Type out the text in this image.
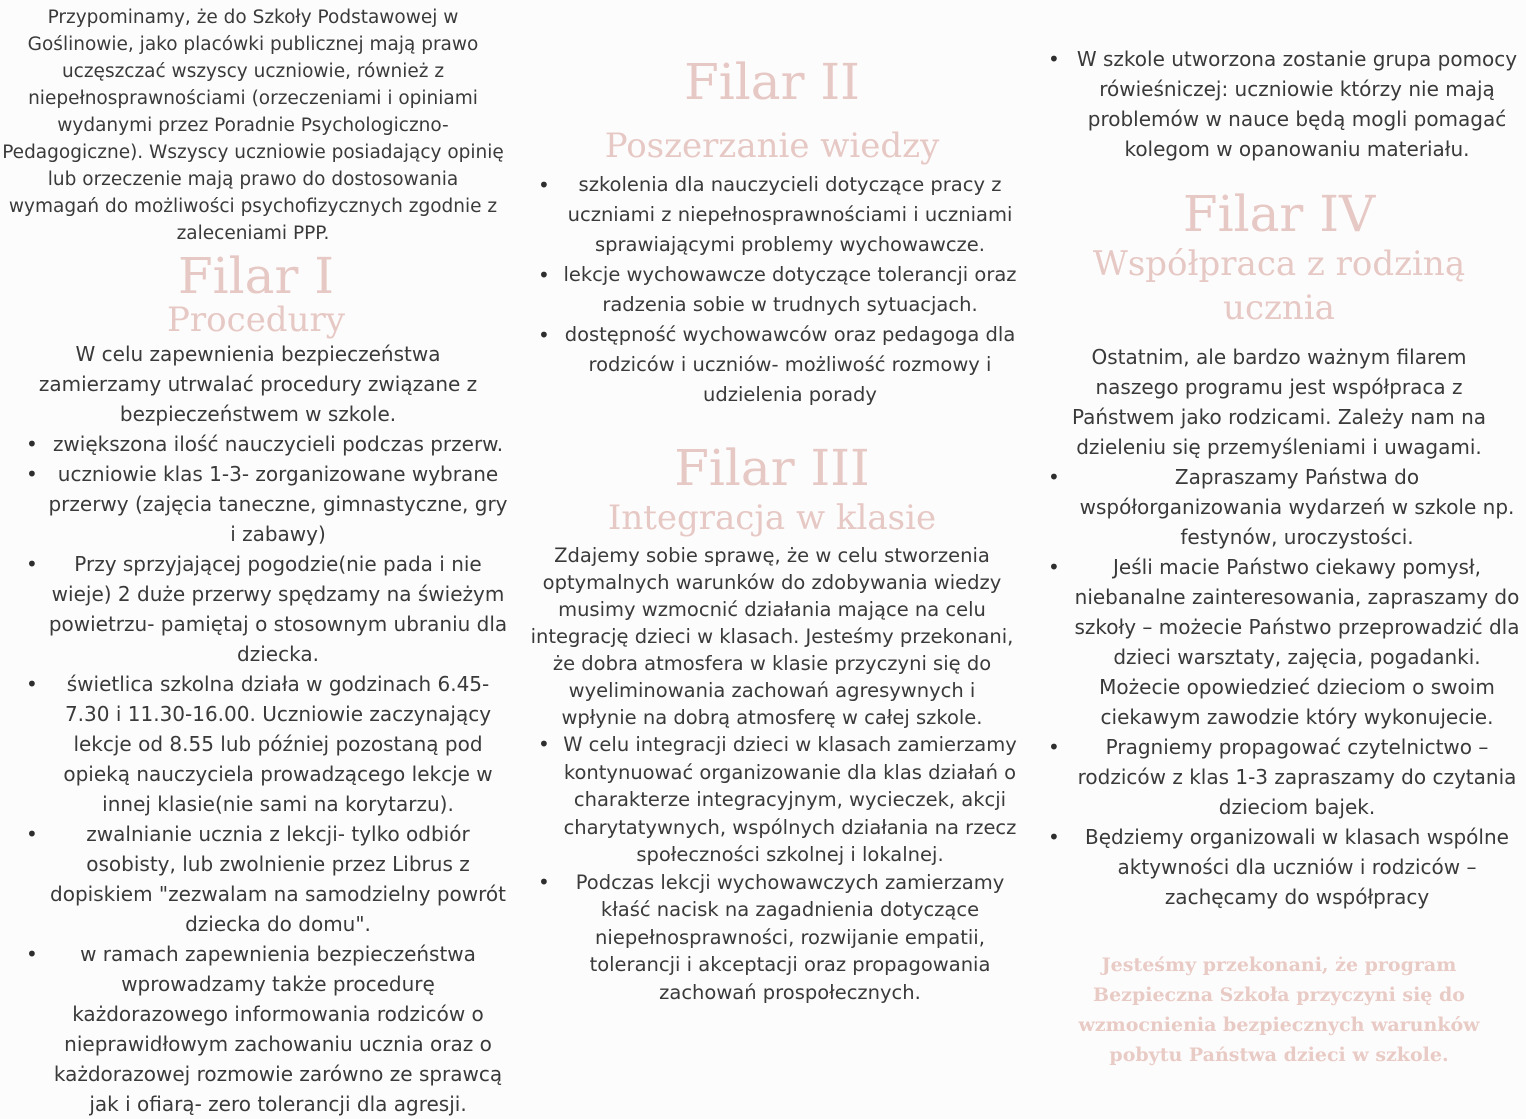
Przypominamy, że do Szkoły Podstawowej w Goślinowie, jako placówki publicznej mają prawo uczęszczać wszyscy uczniowie, również z niepełnosprawnościami (orzeczeniami i opiniami wydanymi przez Poradnie Psychologiczno-Pedagogiczne). Wszyscy uczniowie posiadający opinię lub orzeczenie mają prawo do dostosowania wymagań do możliwości psychofizycznych zgodnie z zaleceniami PPP.

Filar I
Procedury

W celu zapewnienia bezpieczeństwa zamierzamy utrwalać procedury związane z bezpieczeństwem w szkole.

• zwiększona ilość nauczycieli podczas przerw.
• uczniowie klas 1-3- zorganizowane wybrane przerwy (zajęcia taneczne, gimnastyczne, gry i zabawy)
• Przy sprzyjającej pogodzie(nie pada i nie wieje) 2 duże przerwy spędzamy na świeżym powietrzu- pamiętaj o stosownym ubraniu dla dziecka.
• świetlica szkolna działa w godzinach 6.45- 7.30 i 11.30-16.00. Uczniowie zaczynający lekcje od 8.55 lub później pozostaną pod opieką nauczyciela prowadzącego lekcje w innej klasie(nie sami na korytarzu).
• zwalnianie ucznia z lekcji- tylko odbiór osobisty, lub zwolnienie przez Librus z dopiskiem "zezwalam na samodzielny powrót dziecka do domu".
• w ramach zapewnienia bezpieczeństwa wprowadzamy także procedurę każdorazowego informowania rodziców o nieprawidłowym zachowaniu ucznia oraz o każdorazowej rozmowie zarówno ze sprawcą jak i ofiarą- zero tolerancji dla agresji.
Filar II
Poszerzanie wiedzy
• szkolenia dla nauczycieli dotyczące pracy z uczniami z niepełnosprawnościami i uczniami sprawiającymi problemy wychowawcze.
• lekcje wychowawcze dotyczące tolerancji oraz radzenia sobie w trudnych sytuacjach.
• dostępność wychowawców oraz pedagoga dla rodziców i uczniów- możliwość rozmowy i udzielenia porady
Filar III
Integracja w klasie

Zdajemy sobie sprawę, że w celu stworzenia optymalnych warunków do zdobywania wiedzy musimy wzmocnić działania mające na celu integrację dzieci w klasach. Jesteśmy przekonani, że dobra atmosfera w klasie przyczyni się do wyeliminowania zachowań agresywnych i wpłynie na dobrą atmosferę w całej szkole.

• W celu integracji dzieci w klasach zamierzamy kontynuować organizowanie dla klas działań o charakterze integracyjnym, wycieczek, akcji charytatywnych, wspólnych działania na rzecz społeczności szkolnej i lokalnej.
• Podczas lekcji wychowawczych zamierzamy kłaść nacisk na zagadnienia dotyczące niepełnosprawności, rozwijanie empatii, tolerancji i akceptacji oraz propagowania zachowań prospołecznych.
• W szkole utworzona zostanie grupa pomocy rówieśniczej: uczniowie którzy nie mają problemów w nauce będą mogli pomagać kolegom w opanowaniu materiału.
Filar IV
Współpraca z rodziną ucznia

Ostatnim, ale bardzo ważnym filarem naszego programu jest współpraca z Państwem jako rodzicami. Zależy nam na dzieleniu się przemyśleniami i uwagami.

• Zapraszamy Państwa do współorganizowania wydarzeń w szkole np. festynów, uroczystości.
• Jeśli macie Państwo ciekawy pomysł, niebanalne zainteresowania, zapraszamy do szkoły – możecie Państwo przeprowadzić dla dzieci warsztaty, zajęcia, pogadanki. Możecie opowiedzieć dzieciom o swoim ciekawym zawodzie który wykonujecie.
• Pragniemy propagować czytelnictwo – rodziców z klas 1-3 zapraszamy do czytania dzieciom bajek.
• Będziemy organizowali w klasach wspólne aktywności dla uczniów i rodziców – zachęcamy do współpracy

Jesteśmy przekonani, że program Bezpieczna Szkoła przyczyni się do wzmocnienia bezpiecznych warunków pobytu Państwa dzieci w szkole.
